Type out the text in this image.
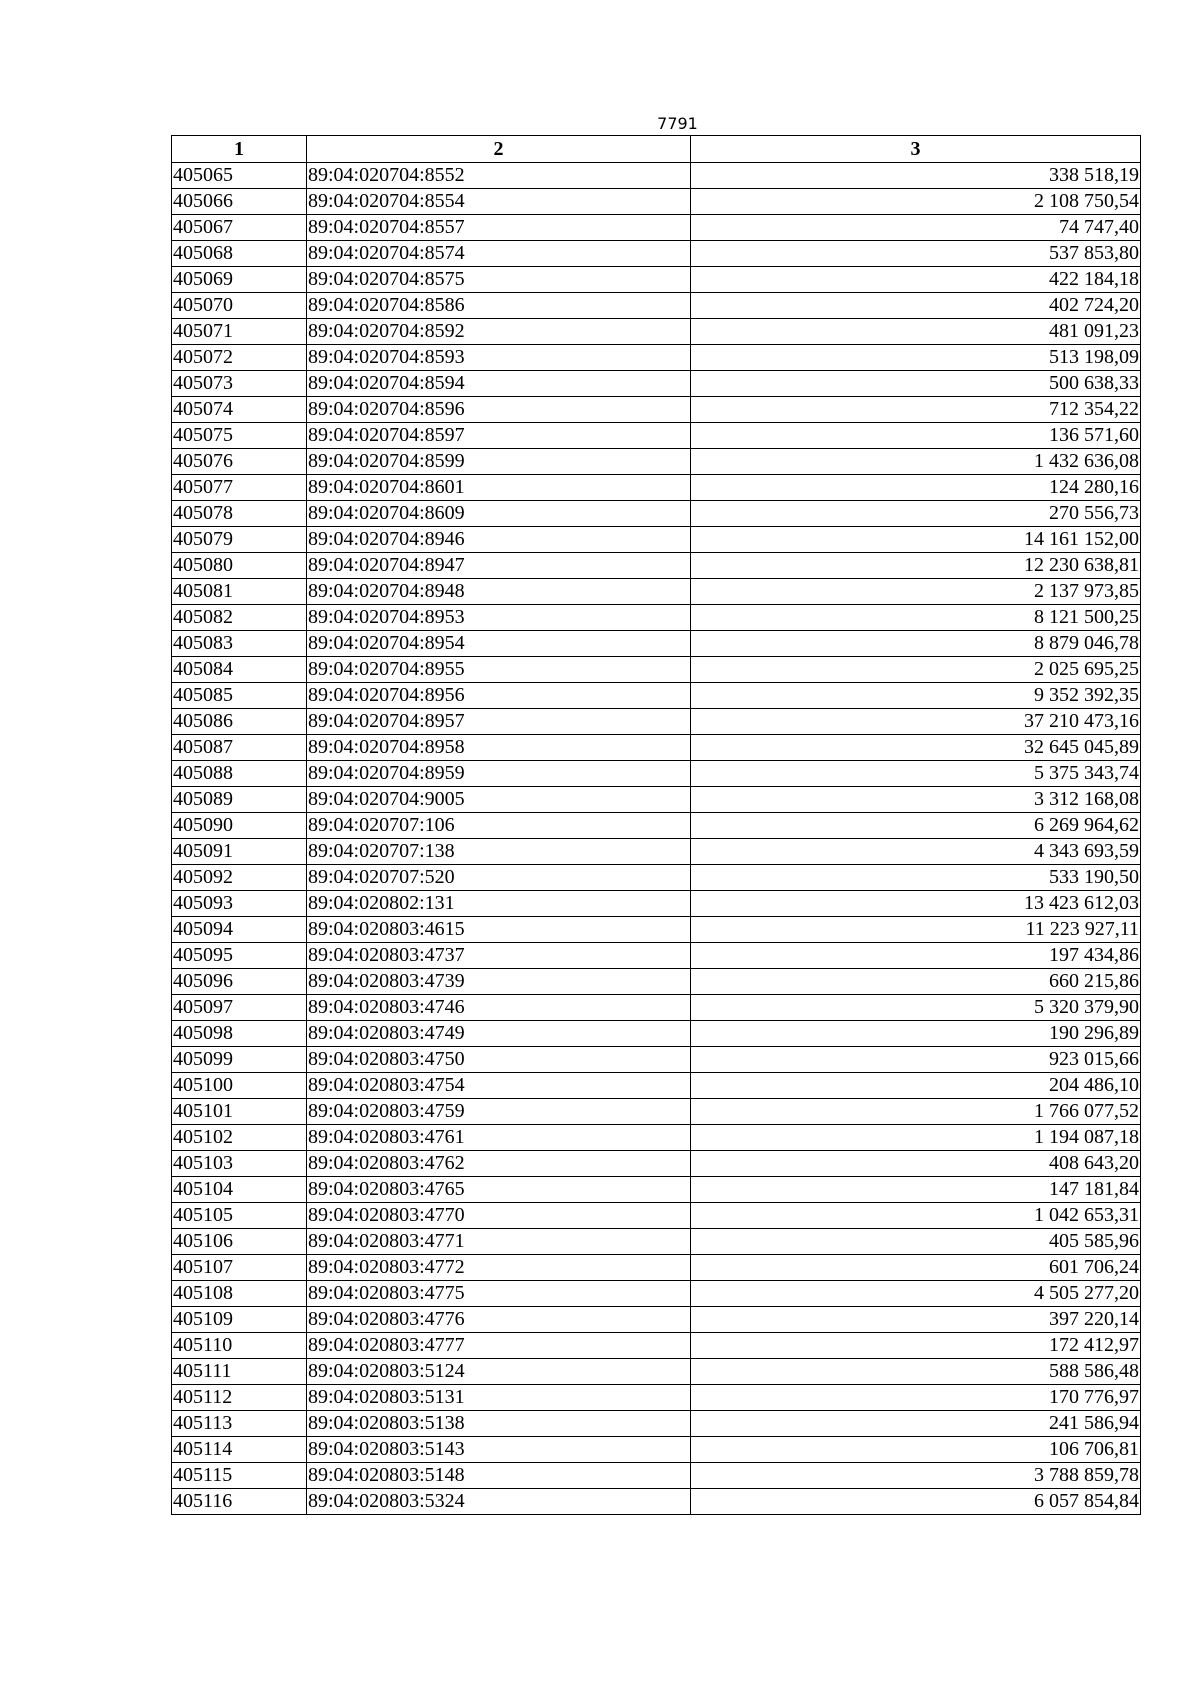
7791
1	2	3
405065	89:04:020704:8552	338 518,19
405066	89:04:020704:8554	2 108 750,54
405067	89:04:020704:8557	74 747,40
405068	89:04:020704:8574	537 853,80
405069	89:04:020704:8575	422 184,18
405070	89:04:020704:8586	402 724,20
405071	89:04:020704:8592	481 091,23
405072	89:04:020704:8593	513 198,09
405073	89:04:020704:8594	500 638,33
405074	89:04:020704:8596	712 354,22
405075	89:04:020704:8597	136 571,60
405076	89:04:020704:8599	1 432 636,08
405077	89:04:020704:8601	124 280,16
405078	89:04:020704:8609	270 556,73
405079	89:04:020704:8946	14 161 152,00
405080	89:04:020704:8947	12 230 638,81
405081	89:04:020704:8948	2 137 973,85
405082	89:04:020704:8953	8 121 500,25
405083	89:04:020704:8954	8 879 046,78
405084	89:04:020704:8955	2 025 695,25
405085	89:04:020704:8956	9 352 392,35
405086	89:04:020704:8957	37 210 473,16
405087	89:04:020704:8958	32 645 045,89
405088	89:04:020704:8959	5 375 343,74
405089	89:04:020704:9005	3 312 168,08
405090	89:04:020707:106	6 269 964,62
405091	89:04:020707:138	4 343 693,59
405092	89:04:020707:520	533 190,50
405093	89:04:020802:131	13 423 612,03
405094	89:04:020803:4615	11 223 927,11
405095	89:04:020803:4737	197 434,86
405096	89:04:020803:4739	660 215,86
405097	89:04:020803:4746	5 320 379,90
405098	89:04:020803:4749	190 296,89
405099	89:04:020803:4750	923 015,66
405100	89:04:020803:4754	204 486,10
405101	89:04:020803:4759	1 766 077,52
405102	89:04:020803:4761	1 194 087,18
405103	89:04:020803:4762	408 643,20
405104	89:04:020803:4765	147 181,84
405105	89:04:020803:4770	1 042 653,31
405106	89:04:020803:4771	405 585,96
405107	89:04:020803:4772	601 706,24
405108	89:04:020803:4775	4 505 277,20
405109	89:04:020803:4776	397 220,14
405110	89:04:020803:4777	172 412,97
405111	89:04:020803:5124	588 586,48
405112	89:04:020803:5131	170 776,97
405113	89:04:020803:5138	241 586,94
405114	89:04:020803:5143	106 706,81
405115	89:04:020803:5148	3 788 859,78
405116	89:04:020803:5324	6 057 854,84
